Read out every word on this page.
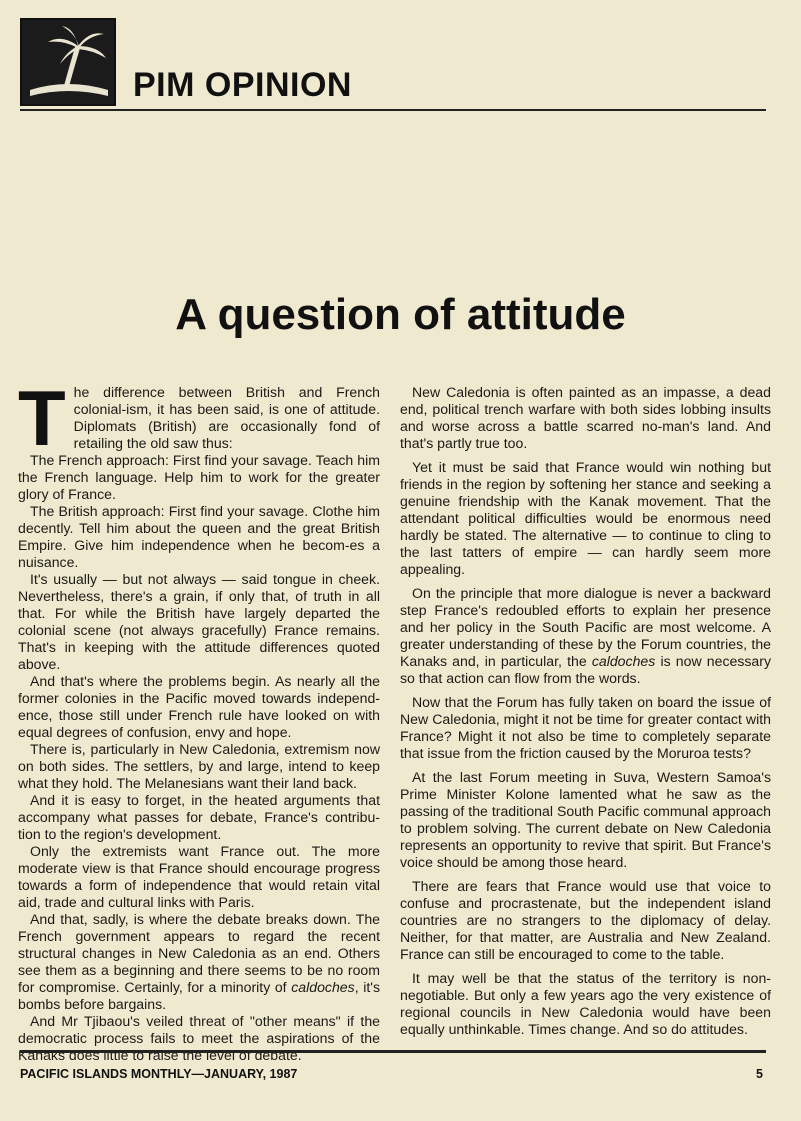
PIM OPINION
A question of attitude

The difference between British and French colonial-ism, it has been said, is one of attitude. Diplomats (British) are occasionally fond of retailing the old saw thus:

The French approach: First find your savage. Teach him the French language. Help him to work for the greater glory of France.

The British approach: First find your savage. Clothe him decently. Tell him about the queen and the great British Empire. Give him independence when he becom-es a nuisance.

It's usually — but not always — said tongue in cheek. Nevertheless, there's a grain, if only that, of truth in all that. For while the British have largely departed the colonial scene (not always gracefully) France remains. That's in keeping with the attitude differences quoted above.

And that's where the problems begin. As nearly all the former colonies in the Pacific moved towards independ-ence, those still under French rule have looked on with equal degrees of confusion, envy and hope.

There is, particularly in New Caledonia, extremism now on both sides. The settlers, by and large, intend to keep what they hold. The Melanesians want their land back.

And it is easy to forget, in the heated arguments that accompany what passes for debate, France's contribu-tion to the region's development.

Only the extremists want France out. The more moderate view is that France should encourage progress towards a form of independence that would retain vital aid, trade and cultural links with Paris.

And that, sadly, is where the debate breaks down. The French government appears to regard the recent structural changes in New Caledonia as an end. Others see them as a beginning and there seems to be no room for compromise. Certainly, for a minority of caldoches, it's bombs before bargains.

And Mr Tjibaou's veiled threat of "other means" if the democratic process fails to meet the aspirations of the Kanaks does little to raise the level of debate.

New Caledonia is often painted as an impasse, a dead end, political trench warfare with both sides lobbing insults and worse across a battle scarred no-man's land. And that's partly true too.

Yet it must be said that France would win nothing but friends in the region by softening her stance and seeking a genuine friendship with the Kanak movement. That the attendant political difficulties would be enormous need hardly be stated. The alternative — to continue to cling to the last tatters of empire — can hardly seem more appealing.

On the principle that more dialogue is never a backward step France's redoubled efforts to explain her presence and her policy in the South Pacific are most welcome. A greater understanding of these by the Forum countries, the Kanaks and, in particular, the caldoches is now necessary so that action can flow from the words.

Now that the Forum has fully taken on board the issue of New Caledonia, might it not be time for greater contact with France? Might it not also be time to completely separate that issue from the friction caused by the Moruroa tests?

At the last Forum meeting in Suva, Western Samoa's Prime Minister Kolone lamented what he saw as the passing of the traditional South Pacific communal approach to problem solving. The current debate on New Caledonia represents an opportunity to revive that spirit. But France's voice should be among those heard.

There are fears that France would use that voice to confuse and procrastenate, but the independent island countries are no strangers to the diplomacy of delay. Neither, for that matter, are Australia and New Zealand. France can still be encouraged to come to the table.

It may well be that the status of the territory is non-negotiable. But only a few years ago the very existence of regional councils in New Caledonia would have been equally unthinkable. Times change. And so do attitudes.

PACIFIC ISLANDS MONTHLY—JANUARY, 1987	5
